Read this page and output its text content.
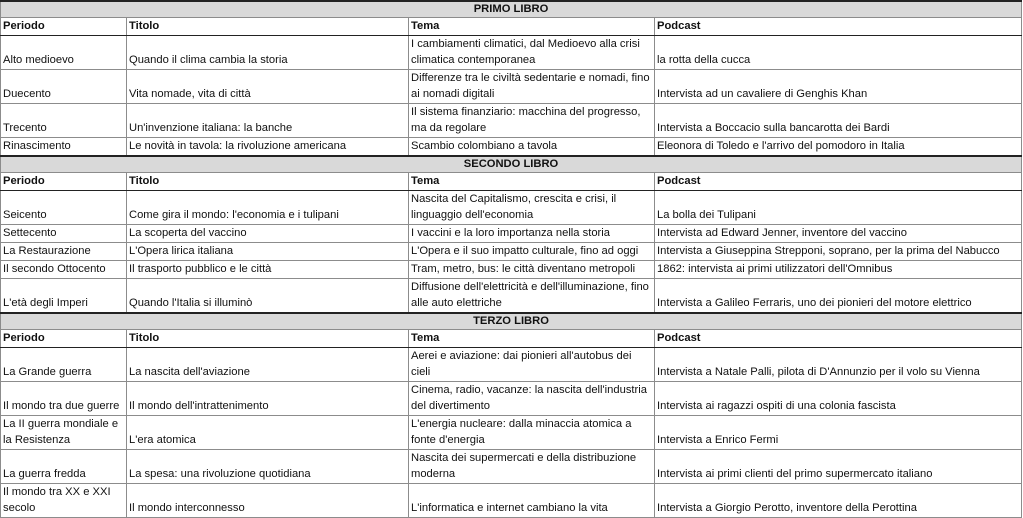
PRIMO LIBRO			
Periodo	Titolo	Tema	Podcast
Alto medioevo	Quando il clima cambia la storia	I cambiamenti climatici, dal Medioevo alla crisi climatica contemporanea	la rotta della cucca
Duecento	Vita nomade, vita di città	Differenze tra le civiltà sedentarie e nomadi, fino ai nomadi digitali	Intervista ad un cavaliere di Genghis Khan
Trecento	Un'invenzione italiana: la banche	Il sistema finanziario: macchina del progresso, ma da regolare	Intervista a Boccacio sulla bancarotta dei Bardi
Rinascimento	Le novità in tavola: la rivoluzione americana	Scambio colombiano a tavola	Eleonora di Toledo e l'arrivo del pomodoro in Italia
SECONDO LIBRO			
Periodo	Titolo	Tema	Podcast
Seicento	Come gira il mondo: l'economia e i tulipani	Nascita del Capitalismo, crescita e crisi, il linguaggio dell'economia	La bolla dei Tulipani
Settecento	La scoperta del vaccino	I vaccini e la loro importanza nella storia	Intervista ad Edward Jenner, inventore del vaccino
La Restaurazione	L'Opera lirica italiana	L'Opera e il suo impatto culturale, fino ad oggi	Intervista a Giuseppina Strepponi, soprano, per la prima del Nabucco
Il secondo Ottocento	Il trasporto pubblico e le città	Tram, metro, bus: le città diventano metropoli	1862: intervista ai primi utilizzatori dell'Omnibus
L'età degli Imperi	Quando l'Italia si illuminò	Diffusione dell'elettricità e dell'illuminazione, fino alle auto elettriche	Intervista a Galileo Ferraris, uno dei pionieri del motore elettrico
TERZO LIBRO			
Periodo	Titolo	Tema	Podcast
La Grande guerra	La nascita dell'aviazione	Aerei e aviazione: dai pionieri all'autobus dei cieli	Intervista a Natale Palli, pilota di D'Annunzio per il volo su Vienna
Il mondo tra due guerre	Il mondo dell'intrattenimento	Cinema, radio, vacanze: la nascita dell'industria del divertimento	Intervista ai ragazzi ospiti di una colonia fascista
La II guerra mondiale e la Resistenza	L'era atomica	L'energia nucleare: dalla minaccia atomica a fonte d'energia	Intervista a Enrico Fermi
La guerra fredda	La spesa: una rivoluzione quotidiana	Nascita dei supermercati e della distribuzione moderna	Intervista ai primi clienti del primo supermercato italiano
Il mondo tra XX e XXI secolo	Il mondo interconnesso	L'informatica e internet cambiano la vita	Intervista a Giorgio Perotto, inventore della Perottina
